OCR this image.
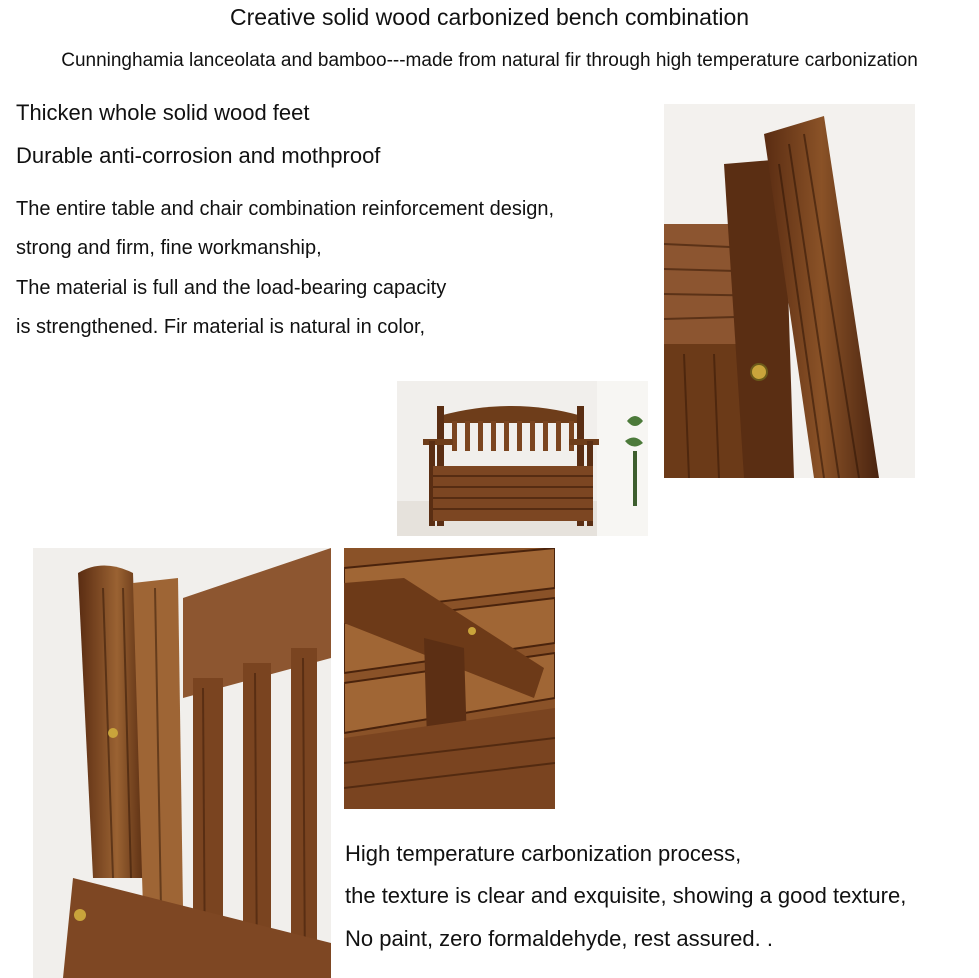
Creative solid wood carbonized bench combination
Cunninghamia lanceolata and bamboo---made from natural fir through high temperature carbonization
Thicken whole solid wood feet
Durable anti-corrosion and mothproof
The entire table and chair combination reinforcement design,
strong and firm, fine workmanship,
The material is full and the load-bearing capacity
is strengthened. Fir material is natural in color,
High temperature carbonization process,
the texture is clear and exquisite, showing a good texture,
No paint, zero formaldehyde, rest assured. .
